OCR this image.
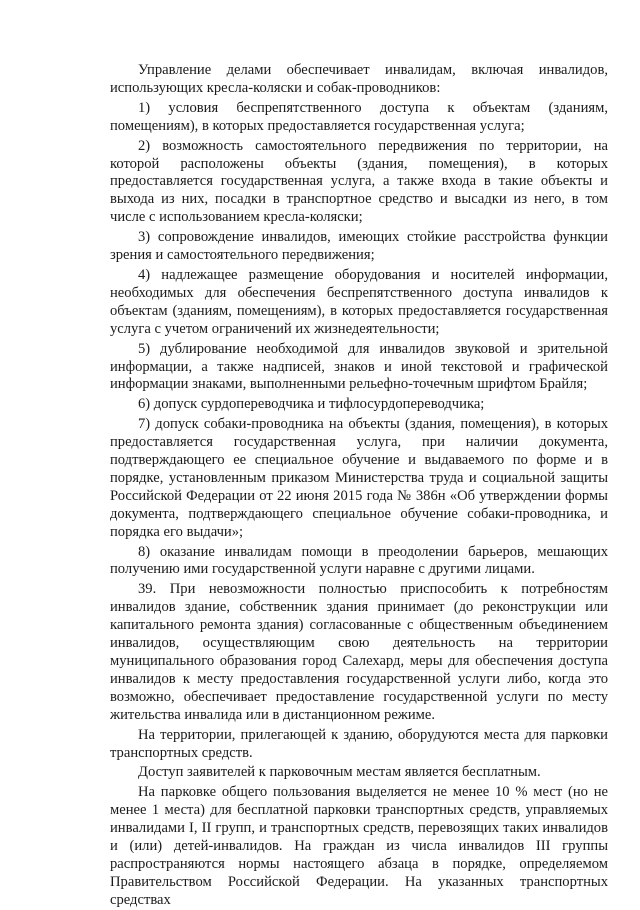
Управление делами обеспечивает инвалидам, включая инвалидов, использующих кресла-коляски и собак-проводников:

1) условия беспрепятственного доступа к объектам (зданиям, помещениям), в которых предоставляется государственная услуга;

2) возможность самостоятельного передвижения по территории, на которой расположены объекты (здания, помещения), в которых предоставляется государственная услуга, а также входа в такие объекты и выхода из них, посадки в транспортное средство и высадки из него, в том числе с использованием кресла-коляски;

3) сопровождение инвалидов, имеющих стойкие расстройства функции зрения и самостоятельного передвижения;

4) надлежащее размещение оборудования и носителей информации, необходимых для обеспечения беспрепятственного доступа инвалидов к объектам (зданиям, помещениям), в которых предоставляется государственная услуга с учетом ограничений их жизнедеятельности;

5) дублирование необходимой для инвалидов звуковой и зрительной информации, а также надписей, знаков и иной текстовой и графической информации знаками, выполненными рельефно-точечным шрифтом Брайля;

6) допуск сурдопереводчика и тифлосурдопереводчика;

7) допуск собаки-проводника на объекты (здания, помещения), в которых предоставляется государственная услуга, при наличии документа, подтверждающего ее специальное обучение и выдаваемого по форме и в порядке, установленным приказом Министерства труда и социальной защиты Российской Федерации от 22 июня 2015 года № 386н «Об утверждении формы документа, подтверждающего специальное обучение собаки-проводника, и порядка его выдачи»;

8) оказание инвалидам помощи в преодолении барьеров, мешающих получению ими государственной услуги наравне с другими лицами.

39. При невозможности полностью приспособить к потребностям инвалидов здание, собственник здания принимает (до реконструкции или капитального ремонта здания) согласованные с общественным объединением инвалидов, осуществляющим свою деятельность на территории муниципального образования город Салехард, меры для обеспечения доступа инвалидов к месту предоставления государственной услуги либо, когда это возможно, обеспечивает предоставление государственной услуги по месту жительства инвалида или в дистанционном режиме.

На территории, прилегающей к зданию, оборудуются места для парковки транспортных средств.

Доступ заявителей к парковочным местам является бесплатным.

На парковке общего пользования выделяется не менее 10 % мест (но не менее 1 места) для бесплатной парковки транспортных средств, управляемых инвалидами I, II групп, и транспортных средств, перевозящих таких инвалидов и (или) детей-инвалидов. На граждан из числа инвалидов III группы распространяются нормы настоящего абзаца в порядке, определяемом Правительством Российской Федерации. На указанных транспортных средствах
